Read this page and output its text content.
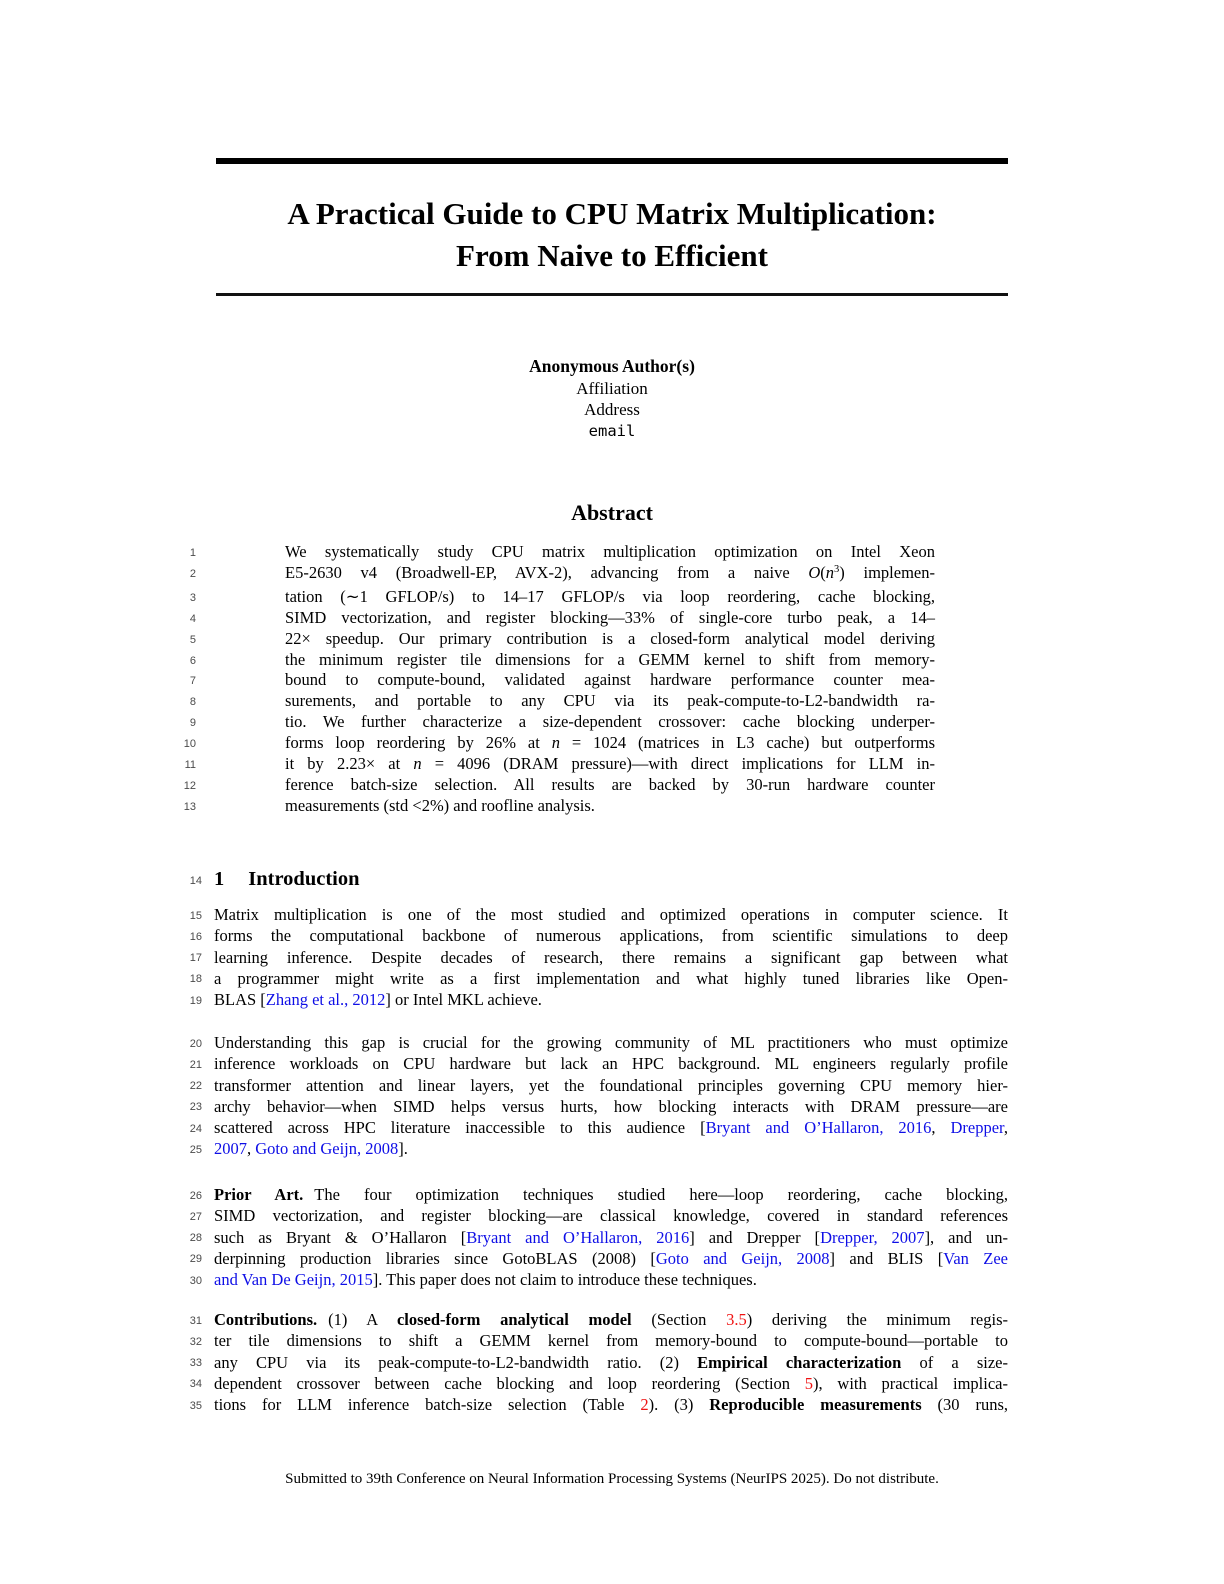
A Practical Guide to CPU Matrix Multiplication:
From Naive to Efficient
Anonymous Author(s)
Affiliation
Address
email
Abstract
1	We systematically study CPU matrix multiplication optimization on Intel Xeon
2	E5-2630 v4 (Broadwell-EP, AVX-2), advancing from a naive $O(n^3)$ implemen-
3	tation (∼1 GFLOP/s) to 14–17 GFLOP/s via loop reordering, cache blocking,
4	SIMD vectorization, and register blocking—33% of single-core turbo peak, a 14–
5	22× speedup. Our primary contribution is a closed-form analytical model deriving
6	the minimum register tile dimensions for a GEMM kernel to shift from memory-
7	bound to compute-bound, validated against hardware performance counter mea-
8	surements, and portable to any CPU via its peak-compute-to-L2-bandwidth ra-
9	tio. We further characterize a size-dependent crossover: cache blocking underper-
10	forms loop reordering by 26% at n = 1024 (matrices in L3 cache) but outperforms
11	it by 2.23× at n = 4096 (DRAM pressure)—with direct implications for LLM in-
12	ference batch-size selection. All results are backed by 30-run hardware counter
13	measurements (std <2%) and roofline analysis.
14 1 Introduction
15 Matrix multiplication is one of the most studied and optimized operations in computer science. It
16 forms the computational backbone of numerous applications, from scientific simulations to deep
17 learning inference. Despite decades of research, there remains a significant gap between what
18 a programmer might write as a first implementation and what highly tuned libraries like Open-
19 BLAS [Zhang et al., 2012] or Intel MKL achieve.
20 Understanding this gap is crucial for the growing community of ML practitioners who must optimize
21 inference workloads on CPU hardware but lack an HPC background. ML engineers regularly profile
22 transformer attention and linear layers, yet the foundational principles governing CPU memory hier-
23 archy behavior—when SIMD helps versus hurts, how blocking interacts with DRAM pressure—are
24 scattered across HPC literature inaccessible to this audience [Bryant and O’Hallaron, 2016, Drepper,
25 2007, Goto and Geijn, 2008].
26 Prior Art. The four optimization techniques studied here—loop reordering, cache blocking,
27 SIMD vectorization, and register blocking—are classical knowledge, covered in standard references
28 such as Bryant & O’Hallaron [Bryant and O’Hallaron, 2016] and Drepper [Drepper, 2007], and un-
29 derpinning production libraries since GotoBLAS (2008) [Goto and Geijn, 2008] and BLIS [Van Zee
30 and Van De Geijn, 2015]. This paper does not claim to introduce these techniques.
31 Contributions. (1) A closed-form analytical model (Section 3.5) deriving the minimum regis-
32 ter tile dimensions to shift a GEMM kernel from memory-bound to compute-bound—portable to
33 any CPU via its peak-compute-to-L2-bandwidth ratio. (2) Empirical characterization of a size-
34 dependent crossover between cache blocking and loop reordering (Section 5), with practical implica-
35 tions for LLM inference batch-size selection (Table 2). (3) Reproducible measurements (30 runs,
Submitted to 39th Conference on Neural Information Processing Systems (NeurIPS 2025). Do not distribute.
